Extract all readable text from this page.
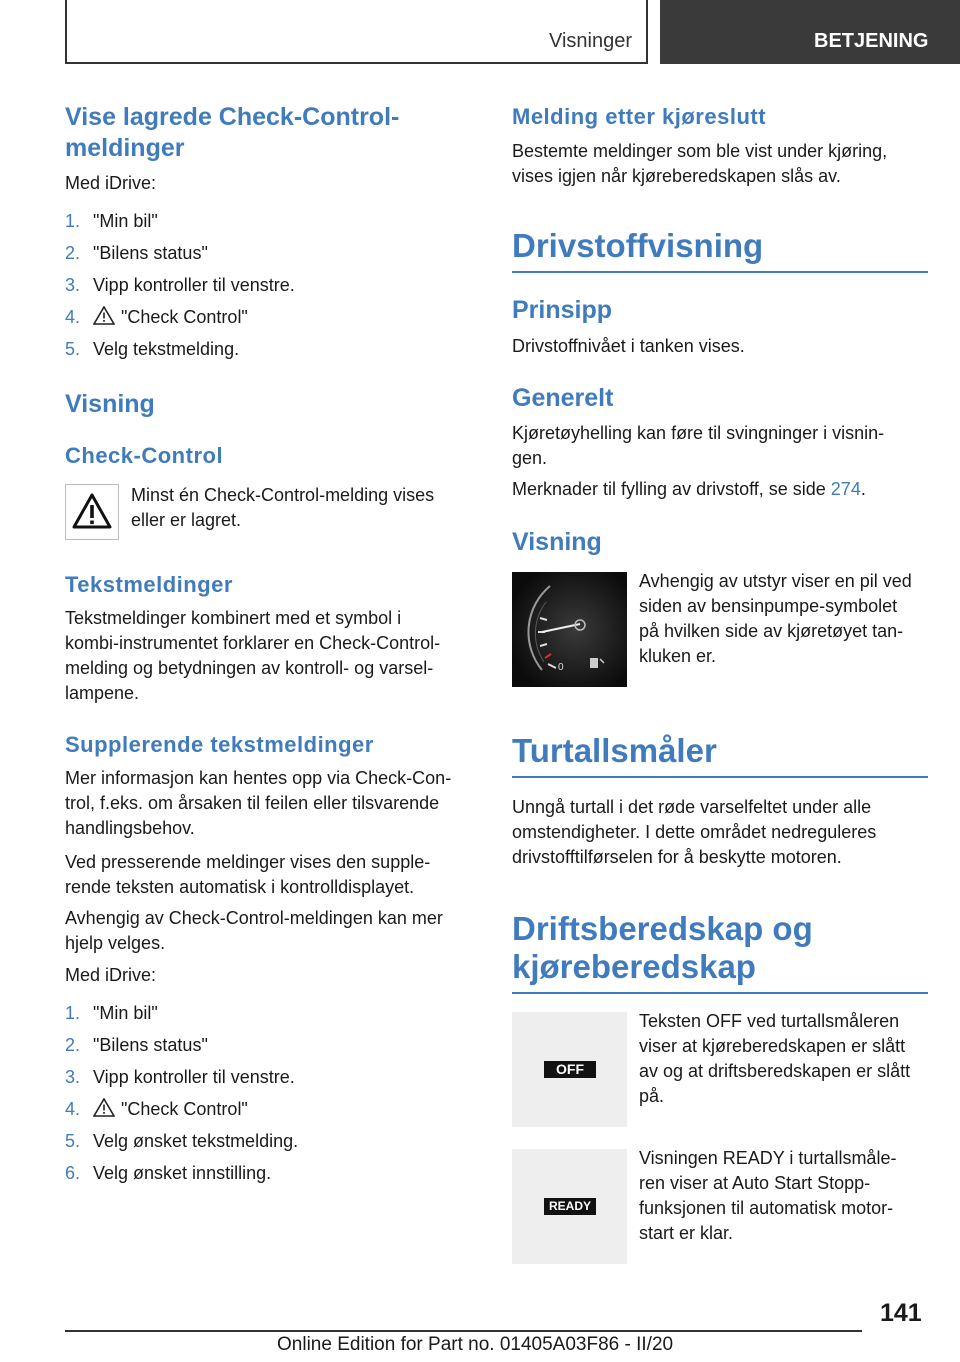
Visninger	BETJENING
Vise lagrede Check-Control-
meldinger

Med iDrive:

1. "Min bil"
2. "Bilens status"
3. Vipp kontroller til venstre.
4.	"Check Control"
5. Velg tekstmelding.
Visning
Check-Control
Minst én Check-Control-melding vises
eller er lagret.
Tekstmeldinger
Tekstmeldinger kombinert med et symbol i
kombi-instrumentet forklarer en Check-Control-
melding og betydningen av kontroll- og varsel-
lampene.
Supplerende tekstmeldinger
Mer informasjon kan hentes opp via Check-Con-
trol, f.eks. om årsaken til feilen eller tilsvarende
handlingsbehov.
Ved presserende meldinger vises den supple-
rende teksten automatisk i kontrolldisplayet.
Avhengig av Check-Control-meldingen kan mer
hjelp velges.

Med iDrive:

1. "Min bil"
2. "Bilens status"
3. Vipp kontroller til venstre.
4.	"Check Control"
5. Velg ønsket tekstmelding.
6. Velg ønsket innstilling.
Melding etter kjøreslutt
Bestemte meldinger som ble vist under kjøring,
vises igjen når kjøreberedskapen slås av.
Drivstoffvisning
Prinsipp

Drivstoffnivået i tanken vises.

Generelt
Kjøretøyhelling kan føre til svingninger i visnin-
gen.

Merknader til fylling av drivstoff, se side 274.

Visning
0
Avhengig av utstyr viser en pil ved
siden av bensinpumpe-symbolet
på hvilken side av kjøretøyet tan-
kluken er.
Turtallsmåler
Unngå turtall i det røde varselfeltet under alle
omstendigheter. I dette området nedreguleres
drivstofftilførselen for å beskytte motoren.
Driftsberedskap og
kjøreberedskap
OFF
Teksten OFF ved turtallsmåleren
viser at kjøreberedskapen er slått
av og at driftsberedskapen er slått
på.
READY
Visningen READY i turtallsmåle-
ren viser at Auto Start Stopp-
funksjonen til automatisk motor-
start er klar.
141
Online Edition for Part no. 01405A03F86 - II/20
